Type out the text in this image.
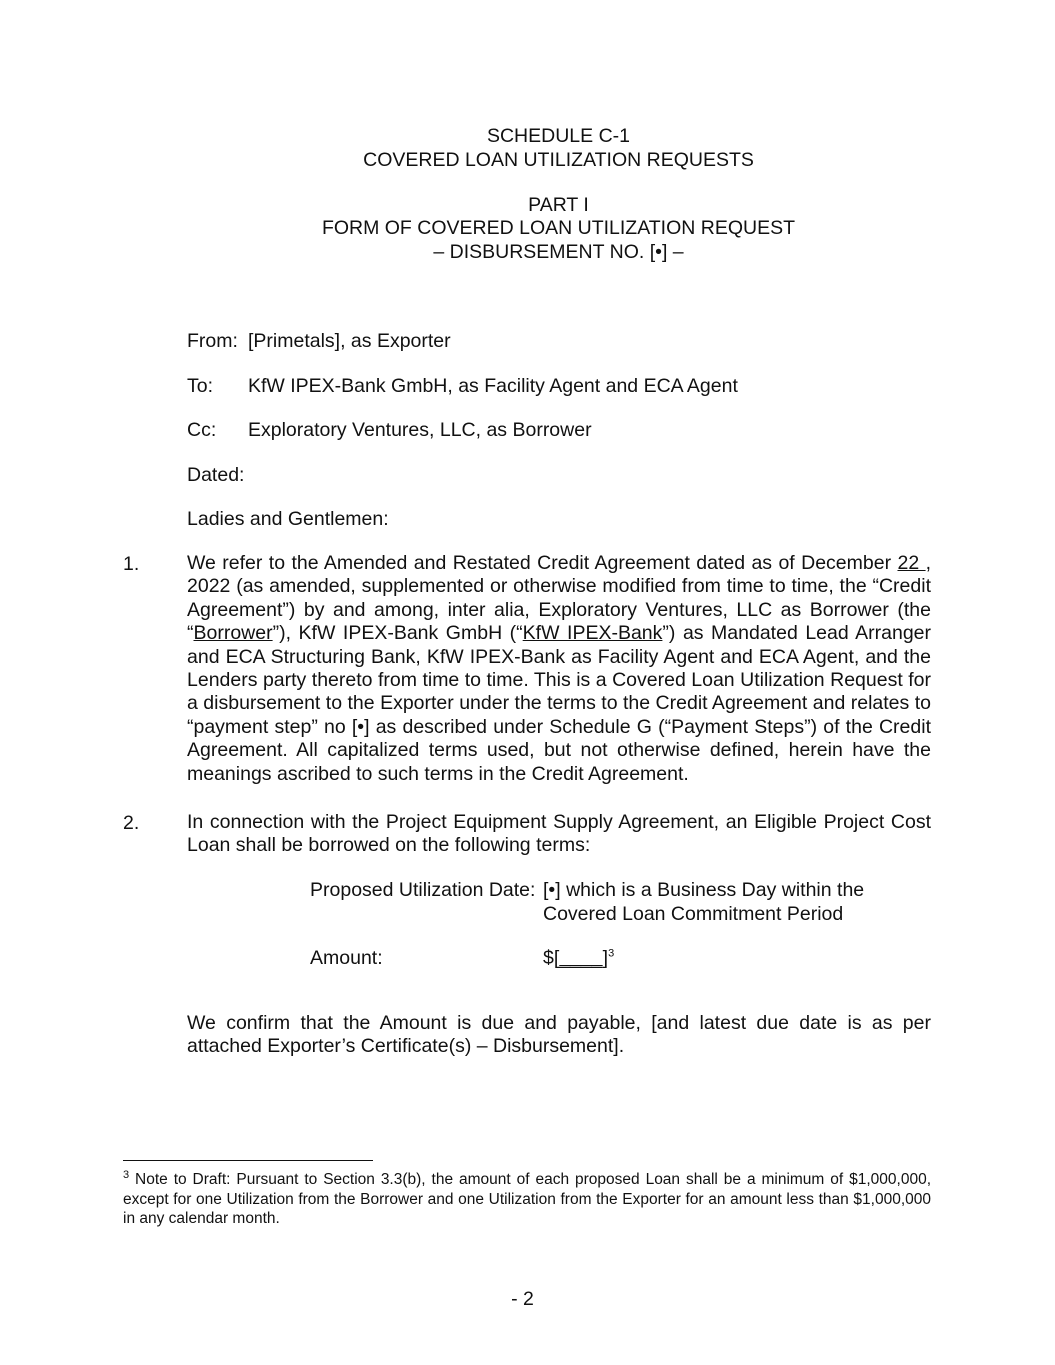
SCHEDULE C-1
COVERED LOAN UTILIZATION REQUESTS
PART I
FORM OF COVERED LOAN UTILIZATION REQUEST
– DISBURSEMENT NO. [•] –
From: [Primetals], as Exporter
To: KfW IPEX-Bank GmbH, as Facility Agent and ECA Agent
Cc: Exploratory Ventures, LLC, as Borrower
Dated:
Ladies and Gentlemen:
1. We refer to the Amended and Restated Credit Agreement dated as of December 22 , 2022 (as amended, supplemented or otherwise modified from time to time, the “Credit Agreement”) by and among, inter alia, Exploratory Ventures, LLC as Borrower (the “Borrower”), KfW IPEX-Bank GmbH (“KfW IPEX-Bank”) as Mandated Lead Arranger and ECA Structuring Bank, KfW IPEX-Bank as Facility Agent and ECA Agent, and the Lenders party thereto from time to time. This is a Covered Loan Utilization Request for a disbursement to the Exporter under the terms to the Credit Agreement and relates to “payment step” no [•] as described under Schedule G (“Payment Steps”) of the Credit Agreement. All capitalized terms used, but not otherwise defined, herein have the meanings ascribed to such terms in the Credit Agreement.
2. In connection with the Project Equipment Supply Agreement, an Eligible Project Cost Loan shall be borrowed on the following terms:
Proposed Utilization Date: [•] which is a Business Day within the
Covered Loan Commitment Period
Amount:	$[____]$^3$
We confirm that the Amount is due and payable, [and latest due date is as per attached Exporter’s Certificate(s) – Disbursement].
$^3$ Note to Draft: Pursuant to Section 3.3(b), the amount of each proposed Loan shall be a minimum of $1,000,000, except for one Utilization from the Borrower and one Utilization from the Exporter for an amount less than $1,000,000 in any calendar month.
- 2
